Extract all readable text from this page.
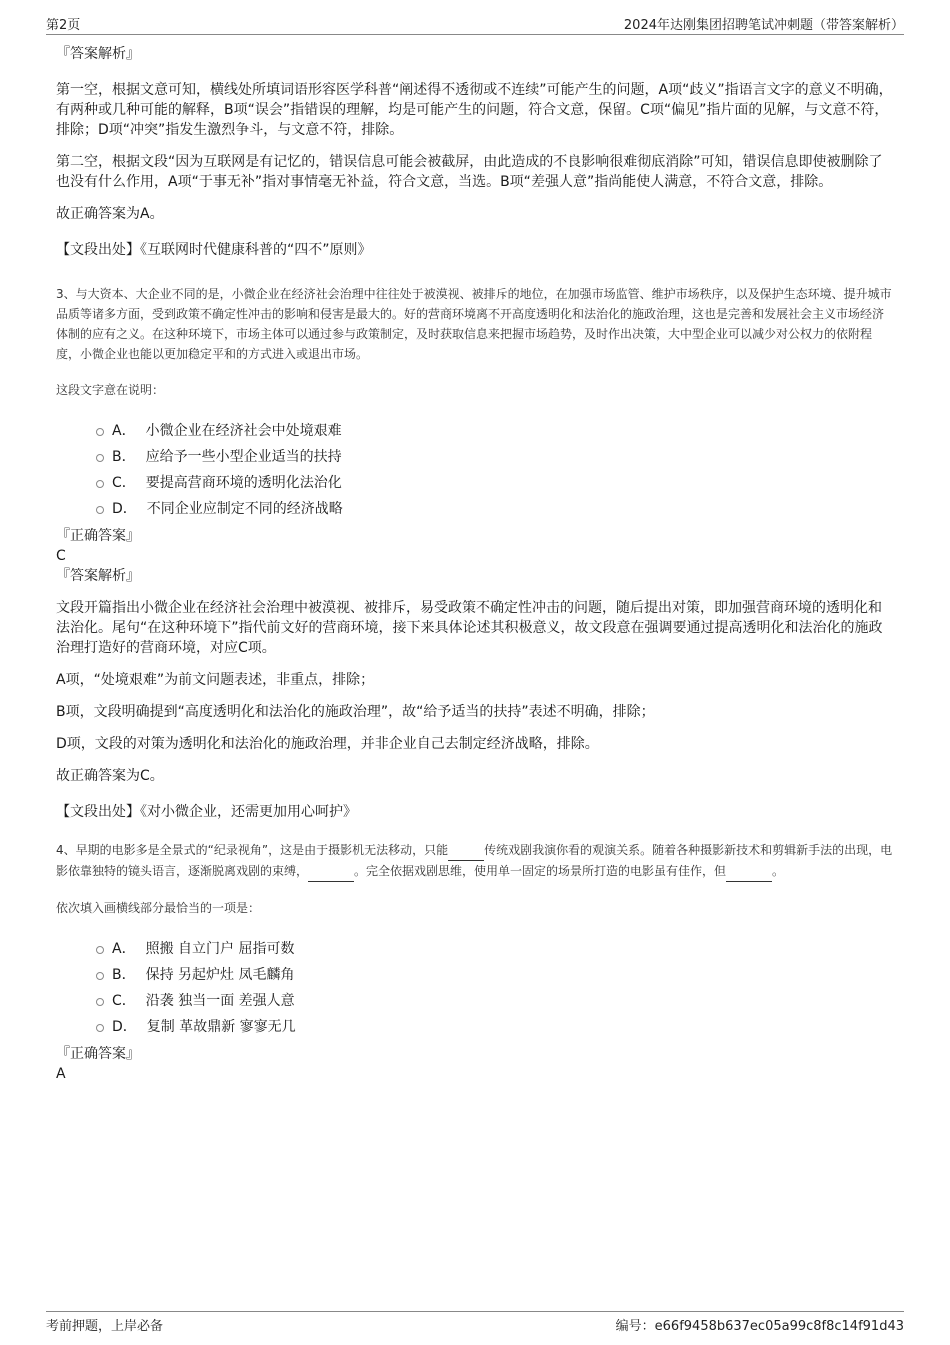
第2页	2024年达刚集团招聘笔试冲刺题（带答案解析）

『答案解析』

第一空，根据文意可知，横线处所填词语形容医学科普“阐述得不透彻或不连续”可能产生的问题，A项“歧义”指语言文字的意义不明确，有两种或几种可能的解释，B项“误会”指错误的理解，均是可能产生的问题，符合文意，保留。C项“偏见”指片面的见解，与文意不符，排除；D项“冲突”指发生激烈争斗，与文意不符，排除。

第二空，根据文段“因为互联网是有记忆的，错误信息可能会被截屏，由此造成的不良影响很难彻底消除”可知，错误信息即使被删除了也没有什么作用，A项“于事无补”指对事情毫无补益，符合文意，当选。B项“差强人意”指尚能使人满意，不符合文意，排除。

故正确答案为A。

【文段出处】《互联网时代健康科普的“四不”原则》

3、与大资本、大企业不同的是，小微企业在经济社会治理中往往处于被漠视、被排斥的地位，在加强市场监管、维护市场秩序，以及保护生态环境、提升城市品质等诸多方面，受到政策不确定性冲击的影响和侵害是最大的。好的营商环境离不开高度透明化和法治化的施政治理，这也是完善和发展社会主义市场经济体制的应有之义。在这种环境下，市场主体可以通过参与政策制定，及时获取信息来把握市场趋势，及时作出决策，大中型企业可以减少对公权力的依附程度，小微企业也能以更加稳定平和的方式进入或退出市场。

这段文字意在说明：

A． 小微企业在经济社会中处境艰难
B． 应给予一些小型企业适当的扶持
C． 要提高营商环境的透明化法治化
D． 不同企业应制定不同的经济战略

『正确答案』

C

『答案解析』

文段开篇指出小微企业在经济社会治理中被漠视、被排斥，易受政策不确定性冲击的问题，随后提出对策，即加强营商环境的透明化和法治化。尾句“在这种环境下”指代前文好的营商环境，接下来具体论述其积极意义，故文段意在强调要通过提高透明化和法治化的施政治理打造好的营商环境，对应C项。

A项，“处境艰难”为前文问题表述，非重点，排除；

B项，文段明确提到“高度透明化和法治化的施政治理”，故“给予适当的扶持”表述不明确，排除；

D项，文段的对策为透明化和法治化的施政治理，并非企业自己去制定经济战略，排除。

故正确答案为C。

【文段出处】《对小微企业，还需更加用心呵护》

4、早期的电影多是全景式的“纪录视角”，这是由于摄影机无法移动，只能	传统戏剧我演你看的观演关系。随着各种摄影新技术和剪辑新手法的出现，电影依靠独特的镜头语言，逐渐脱离戏剧的束缚，	。完全依据戏剧思维，使用单一固定的场景所打造的电影虽有佳作，但	。

依次填入画横线部分最恰当的一项是：

A． 照搬 自立门户 屈指可数
B． 保持 另起炉灶 凤毛麟角
C． 沿袭 独当一面 差强人意
D． 复制 革故鼎新 寥寥无几

『正确答案』

A

考前押题，上岸必备	编号：e66f9458b637ec05a99c8f8c14f91d43
